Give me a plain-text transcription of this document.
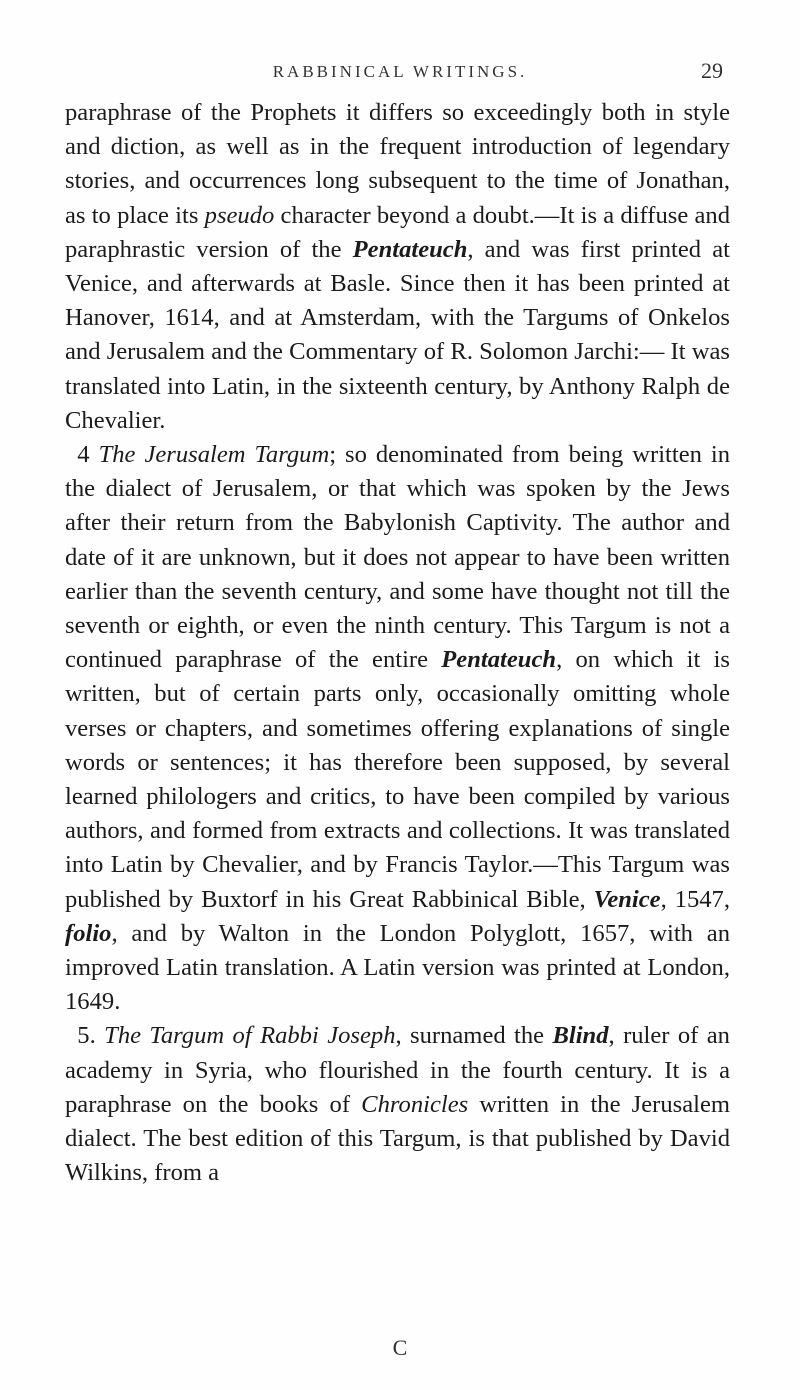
RABBINICAL WRITINGS.	29

paraphrase of the Prophets it differs so exceedingly both in style and diction, as well as in the frequent introduction of legendary stories, and occurrences long subsequent to the time of Jonathan, as to place its pseudo character beyond a doubt.—It is a diffuse and paraphrastic version of the Pentateuch, and was first printed at Venice, and afterwards at Basle. Since then it has been printed at Hanover, 1614, and at Amsterdam, with the Targums of Onkelos and Jerusalem and the Commentary of R. Solomon Jarchi:— It was translated into Latin, in the sixteenth century, by Anthony Ralph de Chevalier.

 4 The Jerusalem Targum; so denominated from being written in the dialect of Jerusalem, or that which was spoken by the Jews after their return from the Babylonish Captivity. The author and date of it are unknown, but it does not appear to have been written earlier than the seventh century, and some have thought not till the seventh or eighth, or even the ninth century. This Targum is not a continued paraphrase of the entire Pentateuch, on which it is written, but of certain parts only, occasionally omitting whole verses or chapters, and sometimes offering explanations of single words or sentences; it has therefore been supposed, by several learned philologers and critics, to have been compiled by various authors, and formed from extracts and collections. It was translated into Latin by Chevalier, and by Francis Taylor.—This Targum was published by Buxtorf in his Great Rabbinical Bible, Venice, 1547, folio, and by Walton in the London Polyglott, 1657, with an improved Latin translation. A Latin version was printed at London, 1649.

 5. The Targum of Rabbi Joseph, surnamed the Blind, ruler of an academy in Syria, who flourished in the fourth century. It is a paraphrase on the books of Chronicles written in the Jerusalem dialect. The best edition of this Targum, is that published by David Wilkins, from a

C
